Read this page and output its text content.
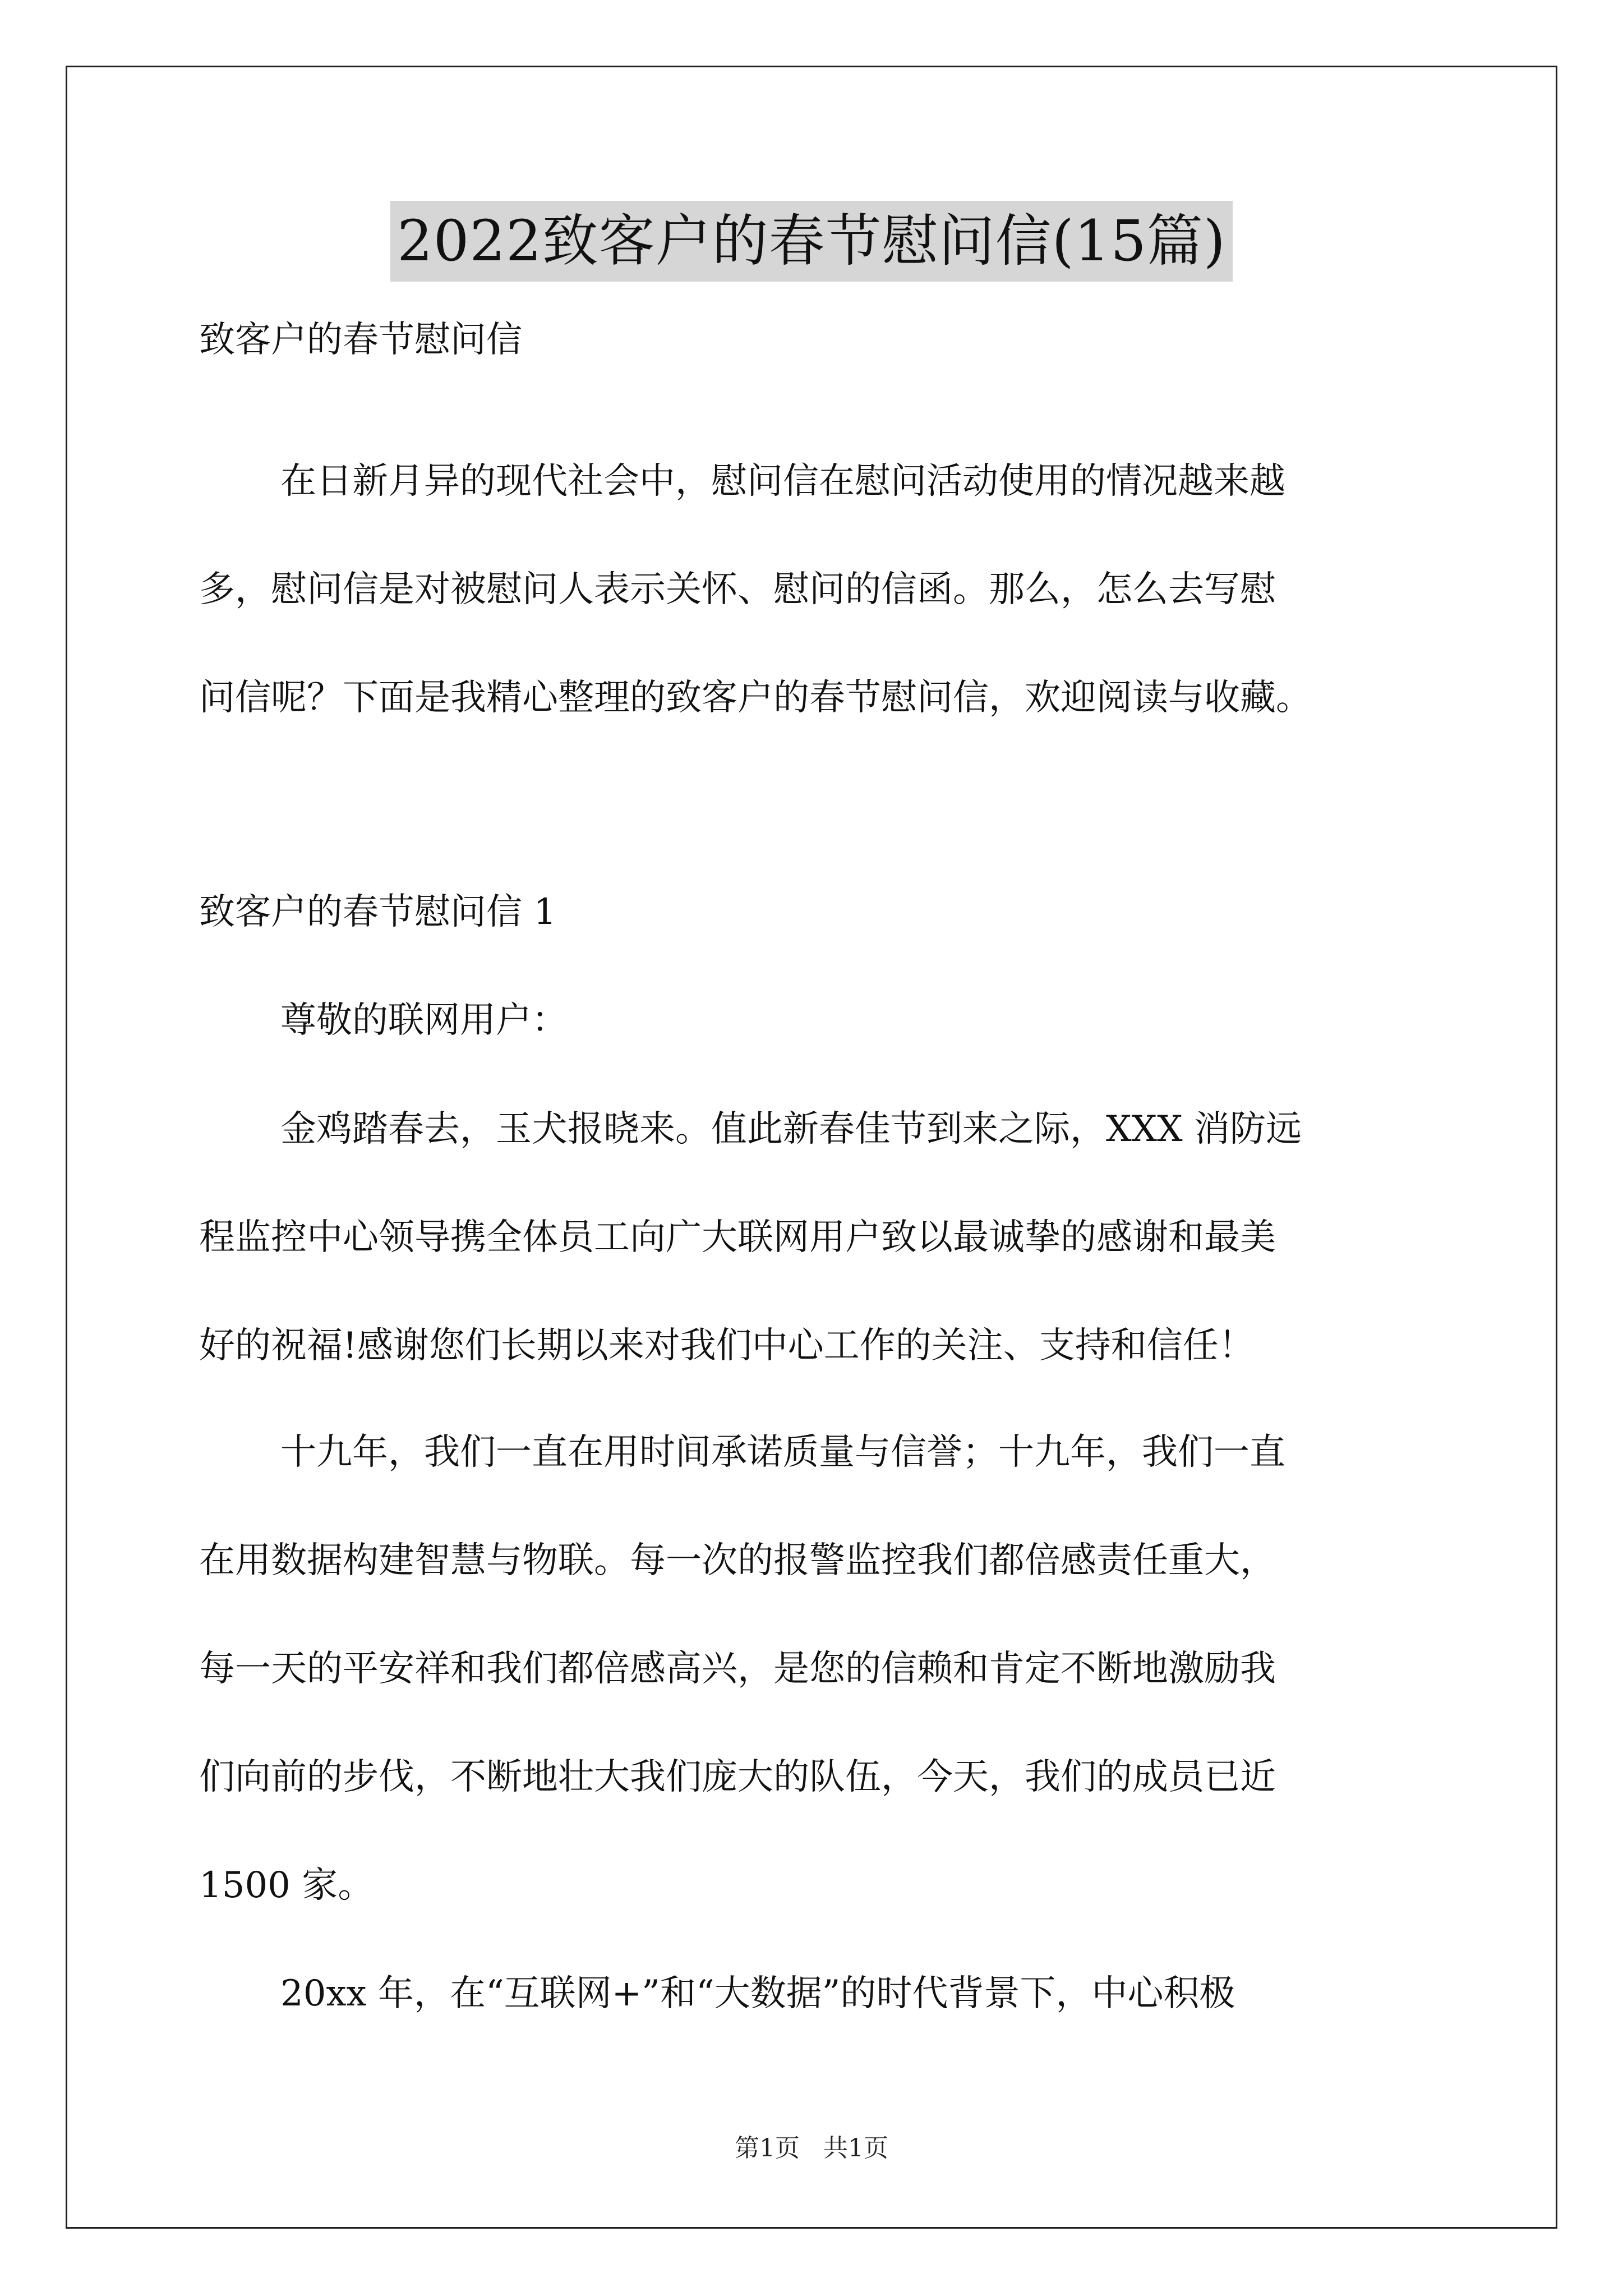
2022致客户的春节慰问信(15篇)
致客户的春节慰问信
在日新月异的现代社会中，慰问信在慰问活动使用的情况越来越
多，慰问信是对被慰问人表示关怀、慰问的信函。那么，怎么去写慰
问信呢？下面是我精心整理的致客户的春节慰问信，欢迎阅读与收藏。
致客户的春节慰问信 1
尊敬的联网用户：
金鸡踏春去，玉犬报晓来。值此新春佳节到来之际，XXX 消防远
程监控中心领导携全体员工向广大联网用户致以最诚挚的感谢和最美
好的祝福!感谢您们长期以来对我们中心工作的关注、支持和信任！
十九年，我们一直在用时间承诺质量与信誉；十九年，我们一直
在用数据构建智慧与物联。每一次的报警监控我们都倍感责任重大，
每一天的平安祥和我们都倍感高兴，是您的信赖和肯定不断地激励我
们向前的步伐，不断地壮大我们庞大的队伍，今天，我们的成员已近
1500 家。
20xx 年，在“互联网+”和“大数据”的时代背景下，中心积极
第1页 共1页
